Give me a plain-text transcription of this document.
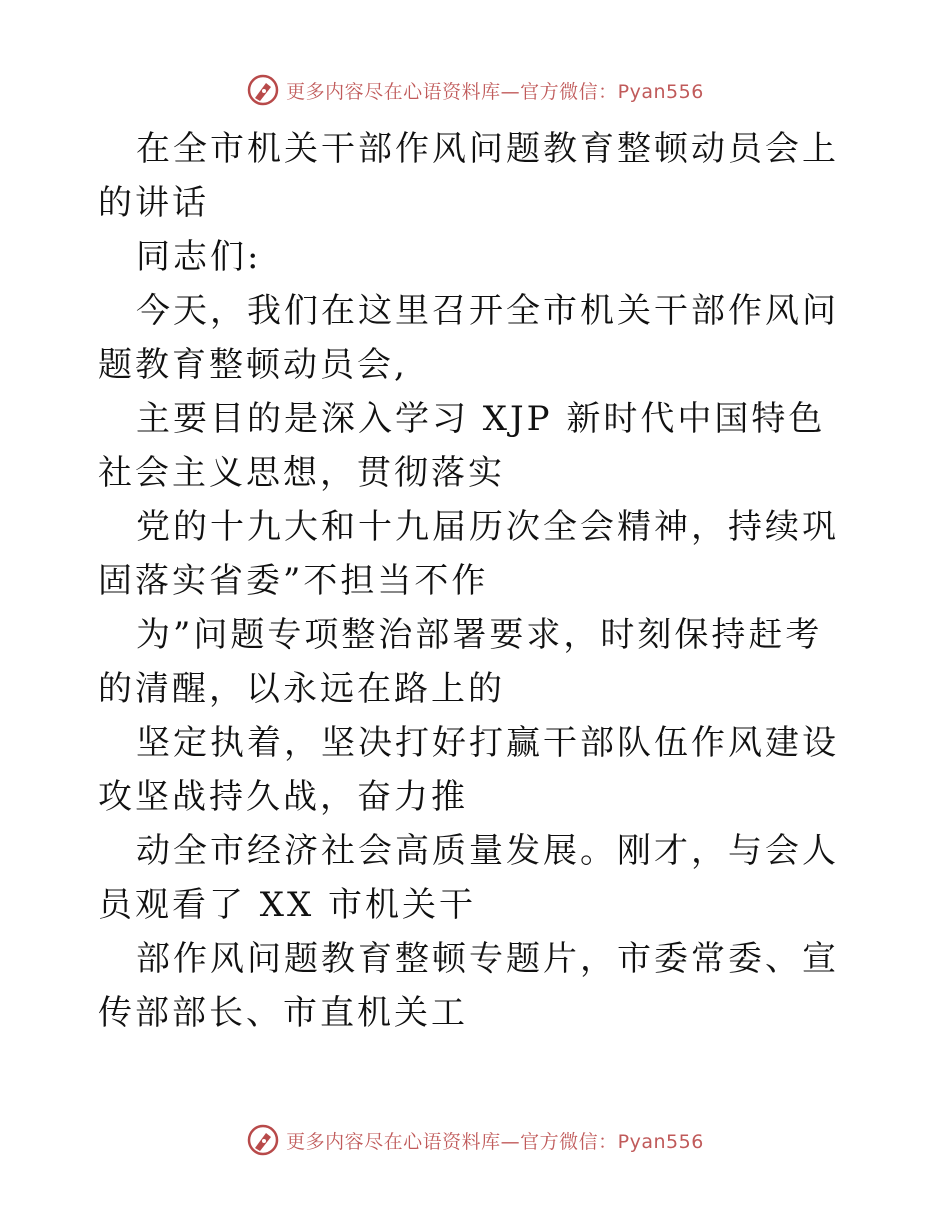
更多内容尽在心语资料库—官方微信：Pyan556

在全市机关干部作风问题教育整顿动员会上的讲话

同志们:

今天，我们在这里召开全市机关干部作风问题教育整顿动员会,

主要目的是深入学习 XJP 新时代中国特色社会主义思想，贯彻落实

党的十九大和十九届历次全会精神，持续巩固落实省委”不担当不作

为”问题专项整治部署要求，时刻保持赶考的清醒，以永远在路上的

坚定执着，坚决打好打赢干部队伍作风建设攻坚战持久战，奋力推

动全市经济社会高质量发展。刚才，与会人员观看了 XX 市机关干

部作风问题教育整顿专题片，市委常委、宣传部部长、市直机关工

更多内容尽在心语资料库—官方微信：Pyan556
